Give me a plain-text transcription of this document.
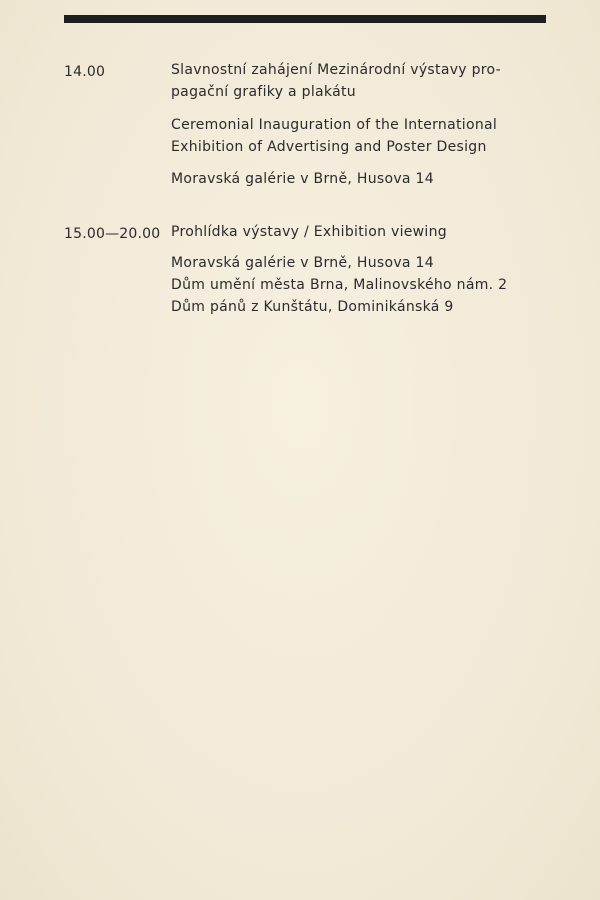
14.00	Slavnostní zahájení Mezinárodní výstavy pro-
pagační grafiky a plakátu
Ceremonial Inauguration of the International
Exhibition of Advertising and Poster Design
Moravská galérie v Brně, Husova 14
15.00—20.00 Prohlídka výstavy / Exhibition viewing
Moravská galérie v Brně, Husova 14
Dům umění města Brna, Malinovského nám. 2
Dům pánů z Kunštátu, Dominikánská 9
